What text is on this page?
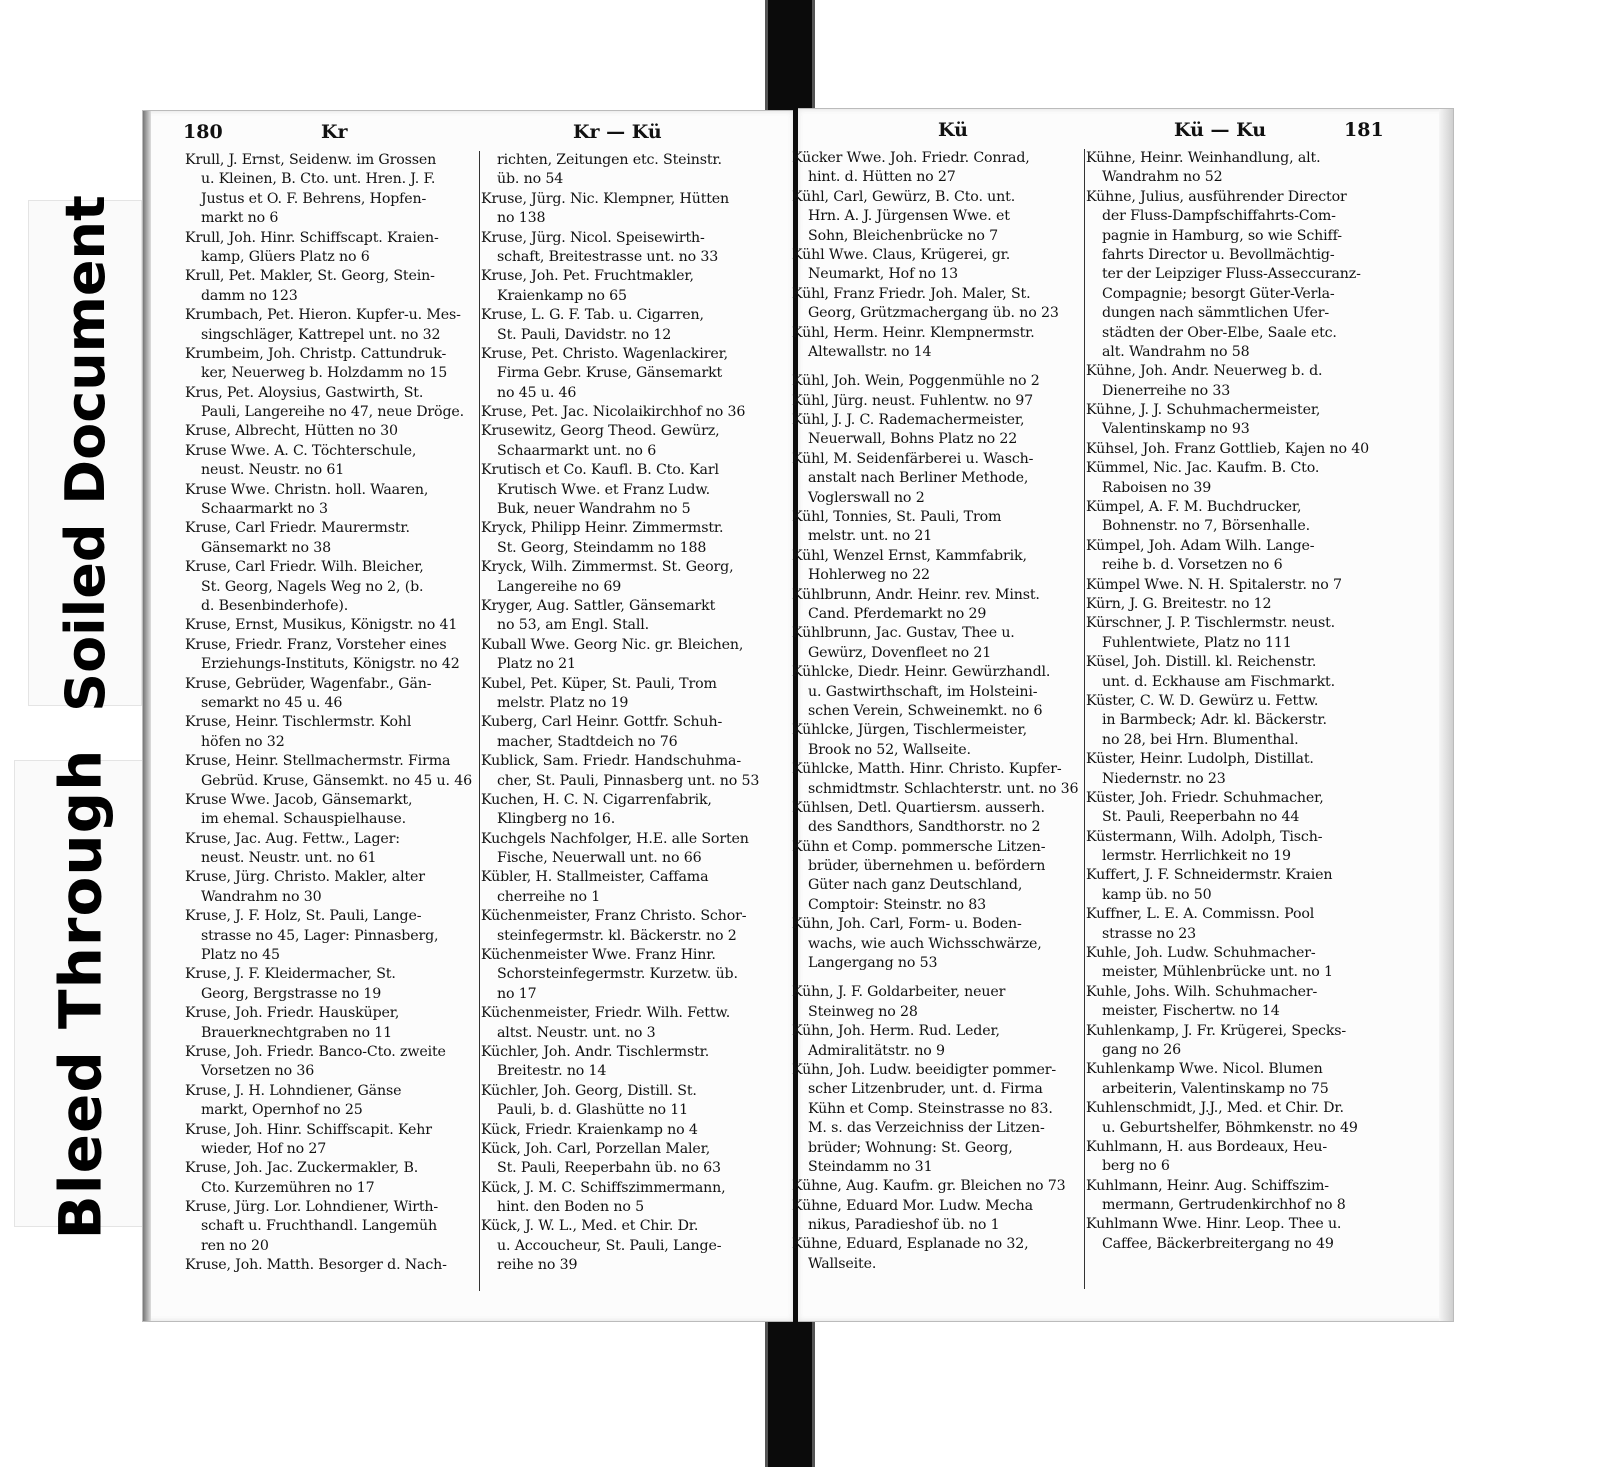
Soiled Document
Bleed Through
180	Kr	Kr — Kü
Krull, J. Ernst, Seidenw. im Grossen
u. Kleinen, B. Cto. unt. Hren. J. F.
Justus et O. F. Behrens, Hopfen-
markt no 6
Krull, Joh. Hinr. Schiffscapt. Kraien-
kamp, Glüers Platz no 6
Krull, Pet. Makler, St. Georg, Stein-
damm no 123
Krumbach, Pet. Hieron. Kupfer-u. Mes-
singschläger, Kattrepel unt. no 32
Krumbeim, Joh. Christp. Cattundruk-
ker, Neuerweg b. Holzdamm no 15
Krus, Pet. Aloysius, Gastwirth, St.
Pauli, Langereihe no 47, neue Dröge.
Kruse, Albrecht, Hütten no 30
Kruse Wwe. A. C. Töchterschule,
neust. Neustr. no 61
Kruse Wwe. Christn. holl. Waaren,
Schaarmarkt no 3
Kruse, Carl Friedr. Maurermstr.
Gänsemarkt no 38
Kruse, Carl Friedr. Wilh. Bleicher,
St. Georg, Nagels Weg no 2, (b.
d. Besenbinderhofe).
Kruse, Ernst, Musikus, Königstr. no 41
Kruse, Friedr. Franz, Vorsteher eines
Erziehungs-Instituts, Königstr. no 42
Kruse, Gebrüder, Wagenfabr., Gän-
semarkt no 45 u. 46
Kruse, Heinr. Tischlermstr. Kohl
höfen no 32
Kruse, Heinr. Stellmachermstr. Firma
Gebrüd. Kruse, Gänsemkt. no 45 u. 46
Kruse Wwe. Jacob, Gänsemarkt,
im ehemal. Schauspielhause.
Kruse, Jac. Aug. Fettw., Lager:
neust. Neustr. unt. no 61
Kruse, Jürg. Christo. Makler, alter
Wandrahm no 30
Kruse, J. F. Holz, St. Pauli, Lange-
strasse no 45, Lager: Pinnasberg,
Platz no 45
Kruse, J. F. Kleidermacher, St.
Georg, Bergstrasse no 19
Kruse, Joh. Friedr. Hausküper,
Brauerknechtgraben no 11
Kruse, Joh. Friedr. Banco-Cto. zweite
Vorsetzen no 36
Kruse, J. H. Lohndiener, Gänse
markt, Opernhof no 25
Kruse, Joh. Hinr. Schiffscapit. Kehr
wieder, Hof no 27
Kruse, Joh. Jac. Zuckermakler, B.
Cto. Kurzemühren no 17
Kruse, Jürg. Lor. Lohndiener, Wirth-
schaft u. Fruchthandl. Langemüh
ren no 20
Kruse, Joh. Matth. Besorger d. Nach-
richten, Zeitungen etc. Steinstr.
üb. no 54
Kruse, Jürg. Nic. Klempner, Hütten
no 138
Kruse, Jürg. Nicol. Speisewirth-
schaft, Breitestrasse unt. no 33
Kruse, Joh. Pet. Fruchtmakler,
Kraienkamp no 65
Kruse, L. G. F. Tab. u. Cigarren,
St. Pauli, Davidstr. no 12
Kruse, Pet. Christo. Wagenlackirer,
Firma Gebr. Kruse, Gänsemarkt
no 45 u. 46
Kruse, Pet. Jac. Nicolaikirchhof no 36
Krusewitz, Georg Theod. Gewürz,
Schaarmarkt unt. no 6
Krutisch et Co. Kaufl. B. Cto. Karl
Krutisch Wwe. et Franz Ludw.
Buk, neuer Wandrahm no 5
Kryck, Philipp Heinr. Zimmermstr.
St. Georg, Steindamm no 188
Kryck, Wilh. Zimmermst. St. Georg,
Langereihe no 69
Kryger, Aug. Sattler, Gänsemarkt
no 53, am Engl. Stall.
Kuball Wwe. Georg Nic. gr. Bleichen,
Platz no 21
Kubel, Pet. Küper, St. Pauli, Trom
melstr. Platz no 19
Kuberg, Carl Heinr. Gottfr. Schuh-
macher, Stadtdeich no 76
Kublick, Sam. Friedr. Handschuhma-
cher, St. Pauli, Pinnasberg unt. no 53
Kuchen, H. C. N. Cigarrenfabrik,
Klingberg no 16.
Kuchgels Nachfolger, H.E. alle Sorten
Fische, Neuerwall unt. no 66
Kübler, H. Stallmeister, Caffama
cherreihe no 1
Küchenmeister, Franz Christo. Schor-
steinfegermstr. kl. Bäckerstr. no 2
Küchenmeister Wwe. Franz Hinr.
Schorsteinfegermstr. Kurzetw. üb.
no 17
Küchenmeister, Friedr. Wilh. Fettw.
altst. Neustr. unt. no 3
Küchler, Joh. Andr. Tischlermstr.
Breitestr. no 14
Küchler, Joh. Georg, Distill. St.
Pauli, b. d. Glashütte no 11
Kück, Friedr. Kraienkamp no 4
Kück, Joh. Carl, Porzellan Maler,
St. Pauli, Reeperbahn üb. no 63
Kück, J. M. C. Schiffszimmermann,
hint. den Boden no 5
Kück, J. W. L., Med. et Chir. Dr.
u. Accoucheur, St. Pauli, Lange-
reihe no 39
Kü	Kü — Ku	181
Kücker Wwe. Joh. Friedr. Conrad,
hint. d. Hütten no 27
Kühl, Carl, Gewürz, B. Cto. unt.
Hrn. A. J. Jürgensen Wwe. et
Sohn, Bleichenbrücke no 7
Kühl Wwe. Claus, Krügerei, gr.
Neumarkt, Hof no 13
Kühl, Franz Friedr. Joh. Maler, St.
Georg, Grützmachergang üb. no 23
Kühl, Herm. Heinr. Klempnermstr.
Altewallstr. no 14
Kühl, Joh. Wein, Poggenmühle no 2
Kühl, Jürg. neust. Fuhlentw. no 97
Kühl, J. J. C. Rademachermeister,
Neuerwall, Bohns Platz no 22
Kühl, M. Seidenfärberei u. Wasch-
anstalt nach Berliner Methode,
Voglerswall no 2
Kühl, Tonnies, St. Pauli, Trom
melstr. unt. no 21
Kühl, Wenzel Ernst, Kammfabrik,
Hohlerweg no 22
Kühlbrunn, Andr. Heinr. rev. Minst.
Cand. Pferdemarkt no 29
Kühlbrunn, Jac. Gustav, Thee u.
Gewürz, Dovenfleet no 21
Kühlcke, Diedr. Heinr. Gewürzhandl.
u. Gastwirthschaft, im Holsteini-
schen Verein, Schweinemkt. no 6
Kühlcke, Jürgen, Tischlermeister,
Brook no 52, Wallseite.
Kühlcke, Matth. Hinr. Christo. Kupfer-
schmidtmstr. Schlachterstr. unt. no 36
Kühlsen, Detl. Quartiersm. ausserh.
des Sandthors, Sandthorstr. no 2
Kühn et Comp. pommersche Litzen-
brüder, übernehmen u. befördern
Güter nach ganz Deutschland,
Comptoir: Steinstr. no 83
Kühn, Joh. Carl, Form- u. Boden-
wachs, wie auch Wichsschwärze,
Langergang no 53
Kühn, J. F. Goldarbeiter, neuer
Steinweg no 28
Kühn, Joh. Herm. Rud. Leder,
Admiralitätstr. no 9
Kühn, Joh. Ludw. beeidigter pommer-
scher Litzenbruder, unt. d. Firma
Kühn et Comp. Steinstrasse no 83.
M. s. das Verzeichniss der Litzen-
brüder; Wohnung: St. Georg,
Steindamm no 31
Kühne, Aug. Kaufm. gr. Bleichen no 73
Kühne, Eduard Mor. Ludw. Mecha
nikus, Paradieshof üb. no 1
Kühne, Eduard, Esplanade no 32,
Wallseite.
Kühne, Heinr. Weinhandlung, alt.
Wandrahm no 52
Kühne, Julius, ausführender Director
der Fluss-Dampfschiffahrts-Com-
pagnie in Hamburg, so wie Schiff-
fahrts Director u. Bevollmächtig-
ter der Leipziger Fluss-Asseccuranz-
Compagnie; besorgt Güter-Verla-
dungen nach sämmtlichen Ufer-
städten der Ober-Elbe, Saale etc.
alt. Wandrahm no 58
Kühne, Joh. Andr. Neuerweg b. d.
Dienerreihe no 33
Kühne, J. J. Schuhmachermeister,
Valentinskamp no 93
Kühsel, Joh. Franz Gottlieb, Kajen no 40
Kümmel, Nic. Jac. Kaufm. B. Cto.
Raboisen no 39
Kümpel, A. F. M. Buchdrucker,
Bohnenstr. no 7, Börsenhalle.
Kümpel, Joh. Adam Wilh. Lange-
reihe b. d. Vorsetzen no 6
Kümpel Wwe. N. H. Spitalerstr. no 7
Kürn, J. G. Breitestr. no 12
Kürschner, J. P. Tischlermstr. neust.
Fuhlentwiete, Platz no 111
Küsel, Joh. Distill. kl. Reichenstr.
unt. d. Eckhause am Fischmarkt.
Küster, C. W. D. Gewürz u. Fettw.
in Barmbeck; Adr. kl. Bäckerstr.
no 28, bei Hrn. Blumenthal.
Küster, Heinr. Ludolph, Distillat.
Niedernstr. no 23
Küster, Joh. Friedr. Schuhmacher,
St. Pauli, Reeperbahn no 44
Küstermann, Wilh. Adolph, Tisch-
lermstr. Herrlichkeit no 19
Kuffert, J. F. Schneidermstr. Kraien
kamp üb. no 50
Kuffner, L. E. A. Commissn. Pool
strasse no 23
Kuhle, Joh. Ludw. Schuhmacher-
meister, Mühlenbrücke unt. no 1
Kuhle, Johs. Wilh. Schuhmacher-
meister, Fischertw. no 14
Kuhlenkamp, J. Fr. Krügerei, Specks-
gang no 26
Kuhlenkamp Wwe. Nicol. Blumen
arbeiterin, Valentinskamp no 75
Kuhlenschmidt, J.J., Med. et Chir. Dr.
u. Geburtshelfer, Böhmkenstr. no 49
Kuhlmann, H. aus Bordeaux, Heu-
berg no 6
Kuhlmann, Heinr. Aug. Schiffszim-
mermann, Gertrudenkirchhof no 8
Kuhlmann Wwe. Hinr. Leop. Thee u.
Caffee, Bäckerbreitergang no 49
